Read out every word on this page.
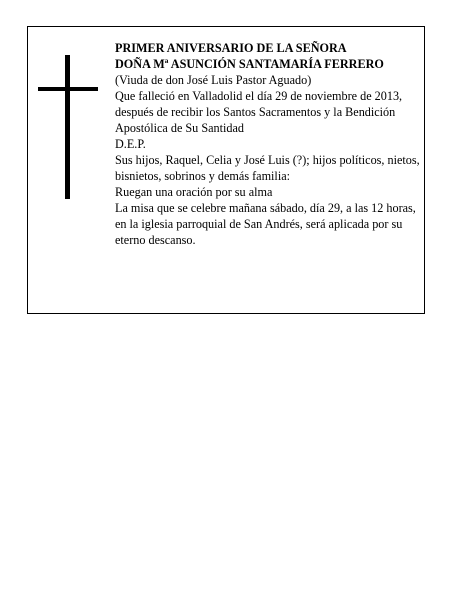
PRIMER ANIVERSARIO DE LA SEÑORA
DOÑA Mª ASUNCIÓN SANTAMARÍA FERRERO
(Viuda de don José Luis Pastor Aguado)
Que falleció en Valladolid el día 29 de noviembre de 2013, después de recibir los Santos Sacramentos y la Bendición Apostólica de Su Santidad
D.E.P.
Sus hijos, Raquel, Celia y José Luis (?); hijos políticos, nietos, bisnietos, sobrinos y demás familia:
Ruegan una oración por su alma
La misa que se celebre mañana sábado, día 29, a las 12 horas, en la iglesia parroquial de San Andrés, será aplicada por su eterno descanso.
